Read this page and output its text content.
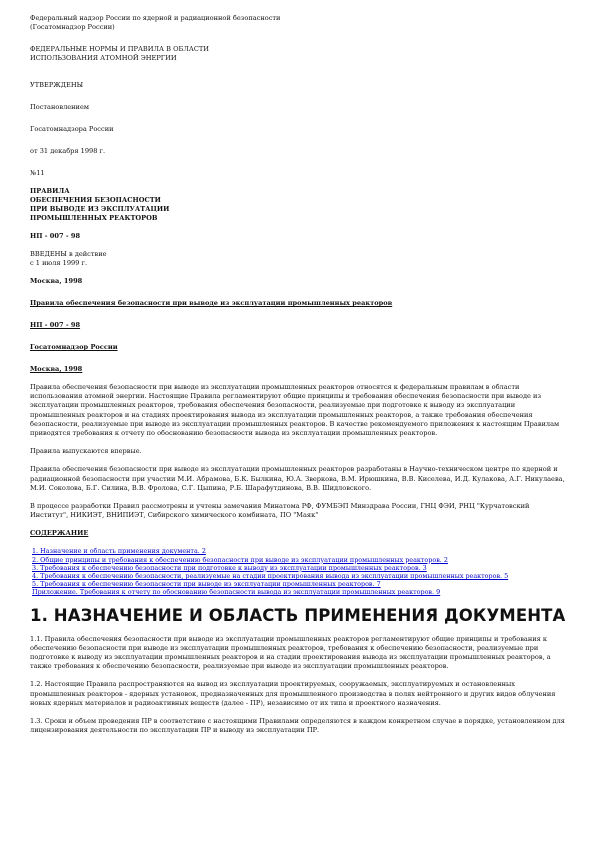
Федеральный надзор России по ядерной и радиационной безопасности

(Госатомнадзор России)

ФЕДЕРАЛЬНЫЕ НОРМЫ И ПРАВИЛА В ОБЛАСТИ

ИСПОЛЬЗОВАНИЯ АТОМНОЙ ЭНЕРГИИ

УТВЕРЖДЕНЫ

Постановлением

Госатомнадзора России

от 31 декабря 1998 г.

№11

ПРАВИЛА

ОБЕСПЕЧЕНИЯ БЕЗОПАСНОСТИ

ПРИ ВЫВОДЕ ИЗ ЭКСПЛУАТАЦИИ

ПРОМЫШЛЕННЫХ РЕАКТОРОВ

НП - 007 - 98

ВВЕДЕНЫ в действие

с 1 июля 1999 г.

Москва, 1998

Правила обеспечения безопасности при выводе из эксплуатации промышленных реакторов

НП - 007 - 98

Госатомнадзор России

Москва, 1998

Правила обеспечения безопасности при выводе из эксплуатации промышленных реакторов относятся к федеральным правилам в области использования атомной энергии. Настоящие Правила регламентируют общие принципы и требования обеспечения безопасности при выводе из эксплуатации промышленных реакторов, требования обеспечения безопасности, реализуемые при подготовке к выводу из эксплуатации промышленных реакторов и на стадиях проектирования вывода из эксплуатации промышленных реакторов, а также требования обеспечения безопасности, реализуемые при выводе из эксплуатации промышленных реакторов. В качестве рекомендуемого приложения к настоящим Правилам приводятся требования к отчету по обоснованию безопасности вывода из эксплуатации промышленных реакторов.

Правила выпускаются впервые.

Правила обеспечения безопасности при выводе из эксплуатации промышленных реакторов разработаны в Научно-техническом центре по ядерной и радиационной безопасности при участии М.И. Абрамова, Б.К. Былкина, Ю.А. Зверкова, В.М. Ирюшкина, В.В. Киселева, И.Д. Кулакова, А.Г. Никулаева, М.И. Соколова, Б.Г. Силина, В.В. Фролова, С.Г. Цыпина, Р.Б. Шарафутдинова, В.В. Шидловского.

В процессе разработки Правил рассмотрены и учтены замечания Минатома РФ, ФУМБЭП Минздрава России, ГНЦ ФЭИ, РНЦ "Курчатовский Институт", НИКИЭТ, ВНИПИЭТ, Сибирского химического комбината, ПО "Маяк"

СОДЕРЖАНИЕ

1. Назначение и область применения документа. 2

2. Общие принципы и требования к обеспечению безопасности при выводе из эксплуатации промышленных реакторов. 2

3. Требования к обеспечению безопасности при подготовке к выводу из эксплуатации промышленных реакторов. 3

4. Требования к обеспечению безопасности, реализуемые на стадии проектирования вывода из эксплуатации промышленных реакторов. 5

5. Требования к обеспечению безопасности при выводе из эксплуатации промышленных реакторов. 7

Приложение. Требования к отчету по обоснованию безопасности вывода из эксплуатации промышленных реакторов. 9

1. НАЗНАЧЕНИЕ И ОБЛАСТЬ ПРИМЕНЕНИЯ ДОКУМЕНТА

1.1. Правила обеспечения безопасности при выводе из эксплуатации промышленных реакторов регламентируют общие принципы и требования к обеспечению безопасности при выводе из эксплуатации промышленных реакторов, требования к обеспечению безопасности, реализуемые при подготовке к выводу из эксплуатации промышленных реакторов и на стадии проектирования вывода из эксплуатации промышленных реакторов, а также требования к обеспечению безопасности, реализуемые при выводе из эксплуатации промышленных реакторов.

1.2. Настоящие Правила распространяются на вывод из эксплуатации проектируемых, сооружаемых, эксплуатируемых и остановленных промышленных реакторов - ядерных установок, предназначенных для промышленного производства в полях нейтронного и других видов облучения новых ядерных материалов и радиоактивных веществ (далее - ПР), независимо от их типа и проектного назначения.

1.3. Сроки и объем проведения ПР в соответствие с настоящими Правилами определяются в каждом конкретном случае в порядке, установленном для лицензирования деятельности по эксплуатации ПР и выводу из эксплуатации ПР.
